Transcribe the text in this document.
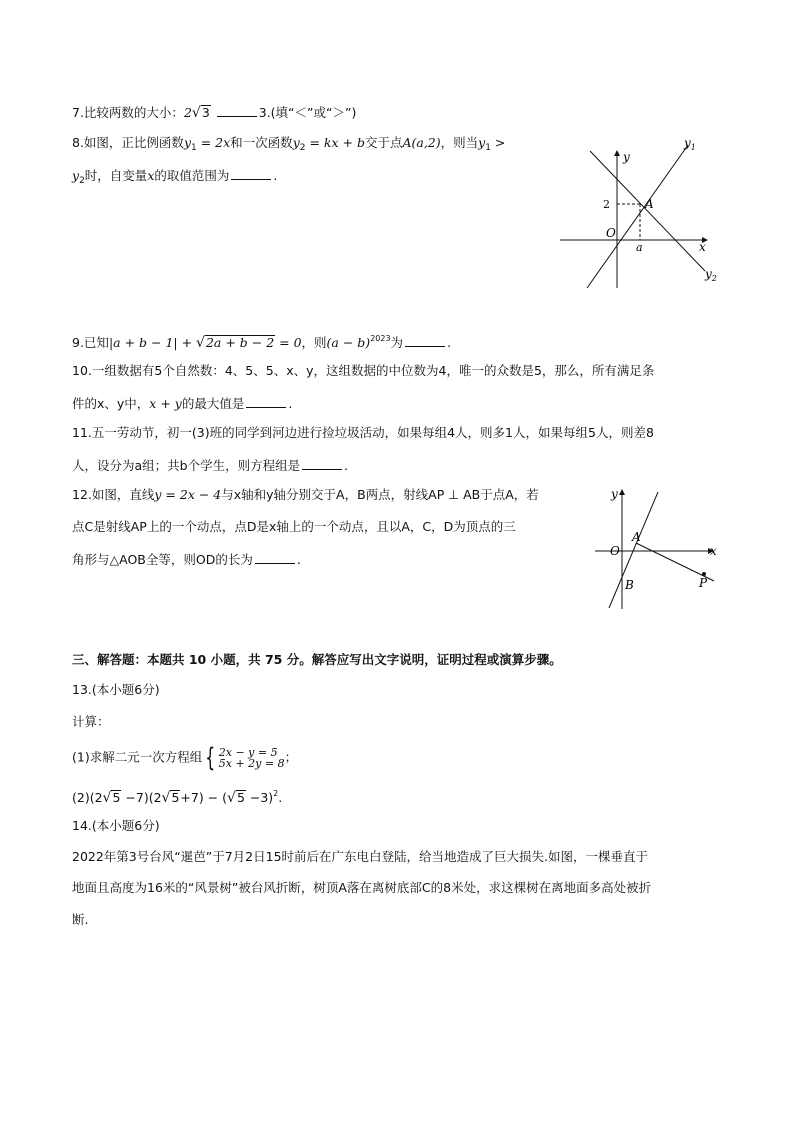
7.比较两数的大小：2√3	3.(填“＜”或“＞”)
8.如图，正比例函数$y_1 = 2x$和一次函数$y_2$ = kx + b交于点A(a,2)，则当$y_1$ >
$y_2$时，自变量x的取值范围为	.
y
x
O
A
a
2
$y_1$
$y_2$
9.已知|a + b − 1| + √2a + b − 2 = 0，则$(a - b)^{2023}$为	.
10.一组数据有5个自然数：4、5、5、x、y，这组数据的中位数为4，唯一的众数是5，那么，所有满足条
件的x、y中，x + y的最大值是	.
11.五一劳动节，初一(3)班的同学到河边进行捡垃圾活动，如果每组4人，则多1人，如果每组5人，则差8
人，设分为a组；共b个学生，则方程组是	.
12.如图，直线y = 2x − 4与x轴和y轴分别交于A，B两点，射线AP ⊥ AB于点A，若
点C是射线AP上的一个动点，点D是x轴上的一个动点，且以A，C，D为顶点的三
角形与△AOB全等，则OD的长为	.
y
x
O
A
B	P
三、解答题：本题共 10 小题，共 75 分。解答应写出文字说明，证明过程或演算步骤。
13.(本小题6分)
计算：
(1)求解二元一次方程组 { 2x − y = 5
5x + 2y = 8；
$(2)(2√5 -7)(2√5+7) - (√5 -3)^2$.
14.(本小题6分)
2022年第3号台风“暹芭”于7月2日15时前后在广东电白登陆，给当地造成了巨大损失.如图，一棵垂直于
地面且高度为16米的“风景树”被台风折断，树顶A落在离树底部C的8米处，求这棵树在离地面多高处被折
断.
